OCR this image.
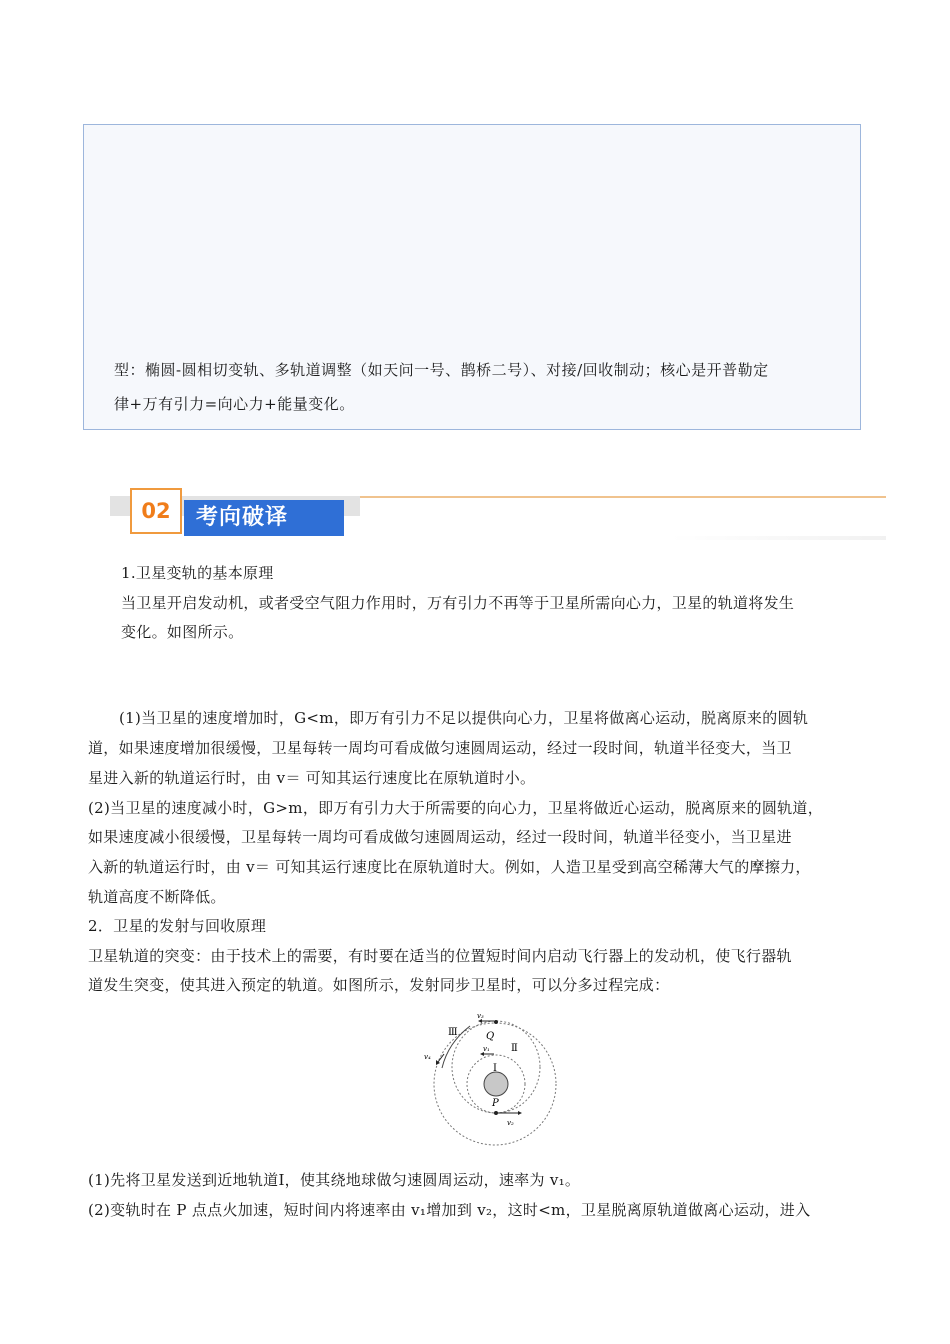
型：椭圆-圆相切变轨、多轨道调整（如天问一号、鹊桥二号）、对接/回收制动；核心是开普勒定
律+万有引力=向心力+能量变化。
02	考向破译

1.卫星变轨的基本原理

当卫星开启发动机，或者受空气阻力作用时，万有引力不再等于卫星所需向心力，卫星的轨道将发生

变化。如图所示。

(1)当卫星的速度增加时，G<m，即万有引力不足以提供向心力，卫星将做离心运动，脱离原来的圆轨

道，如果速度增加很缓慢，卫星每转一周均可看成做匀速圆周运动，经过一段时间，轨道半径变大，当卫

星进入新的轨道运行时，由 v＝ 可知其运行速度比在原轨道时小。

(2)当卫星的速度减小时，G>m，即万有引力大于所需要的向心力，卫星将做近心运动，脱离原来的圆轨道，

如果速度减小很缓慢，卫星每转一周均可看成做匀速圆周运动，经过一段时间，轨道半径变小，当卫星进

入新的轨道运行时，由 v＝ 可知其运行速度比在原轨道时大。例如，人造卫星受到高空稀薄大气的摩擦力，

轨道高度不断降低。

2．卫星的发射与回收原理

卫星轨道的突变：由于技术上的需要，有时要在适当的位置短时间内启动飞行器上的发动机，使飞行器轨

道发生突变，使其进入预定的轨道。如图所示，发射同步卫星时，可以分多过程完成：

Ⅲ
Ⅱ
Ⅰ
Q
P
v₁
v₂
v₃
v₄

(1)先将卫星发送到近地轨道Ⅰ，使其绕地球做匀速圆周运动，速率为 v₁。

(2)变轨时在 P 点点火加速，短时间内将速率由 v₁增加到 v₂，这时<m，卫星脱离原轨道做离心运动，进入
